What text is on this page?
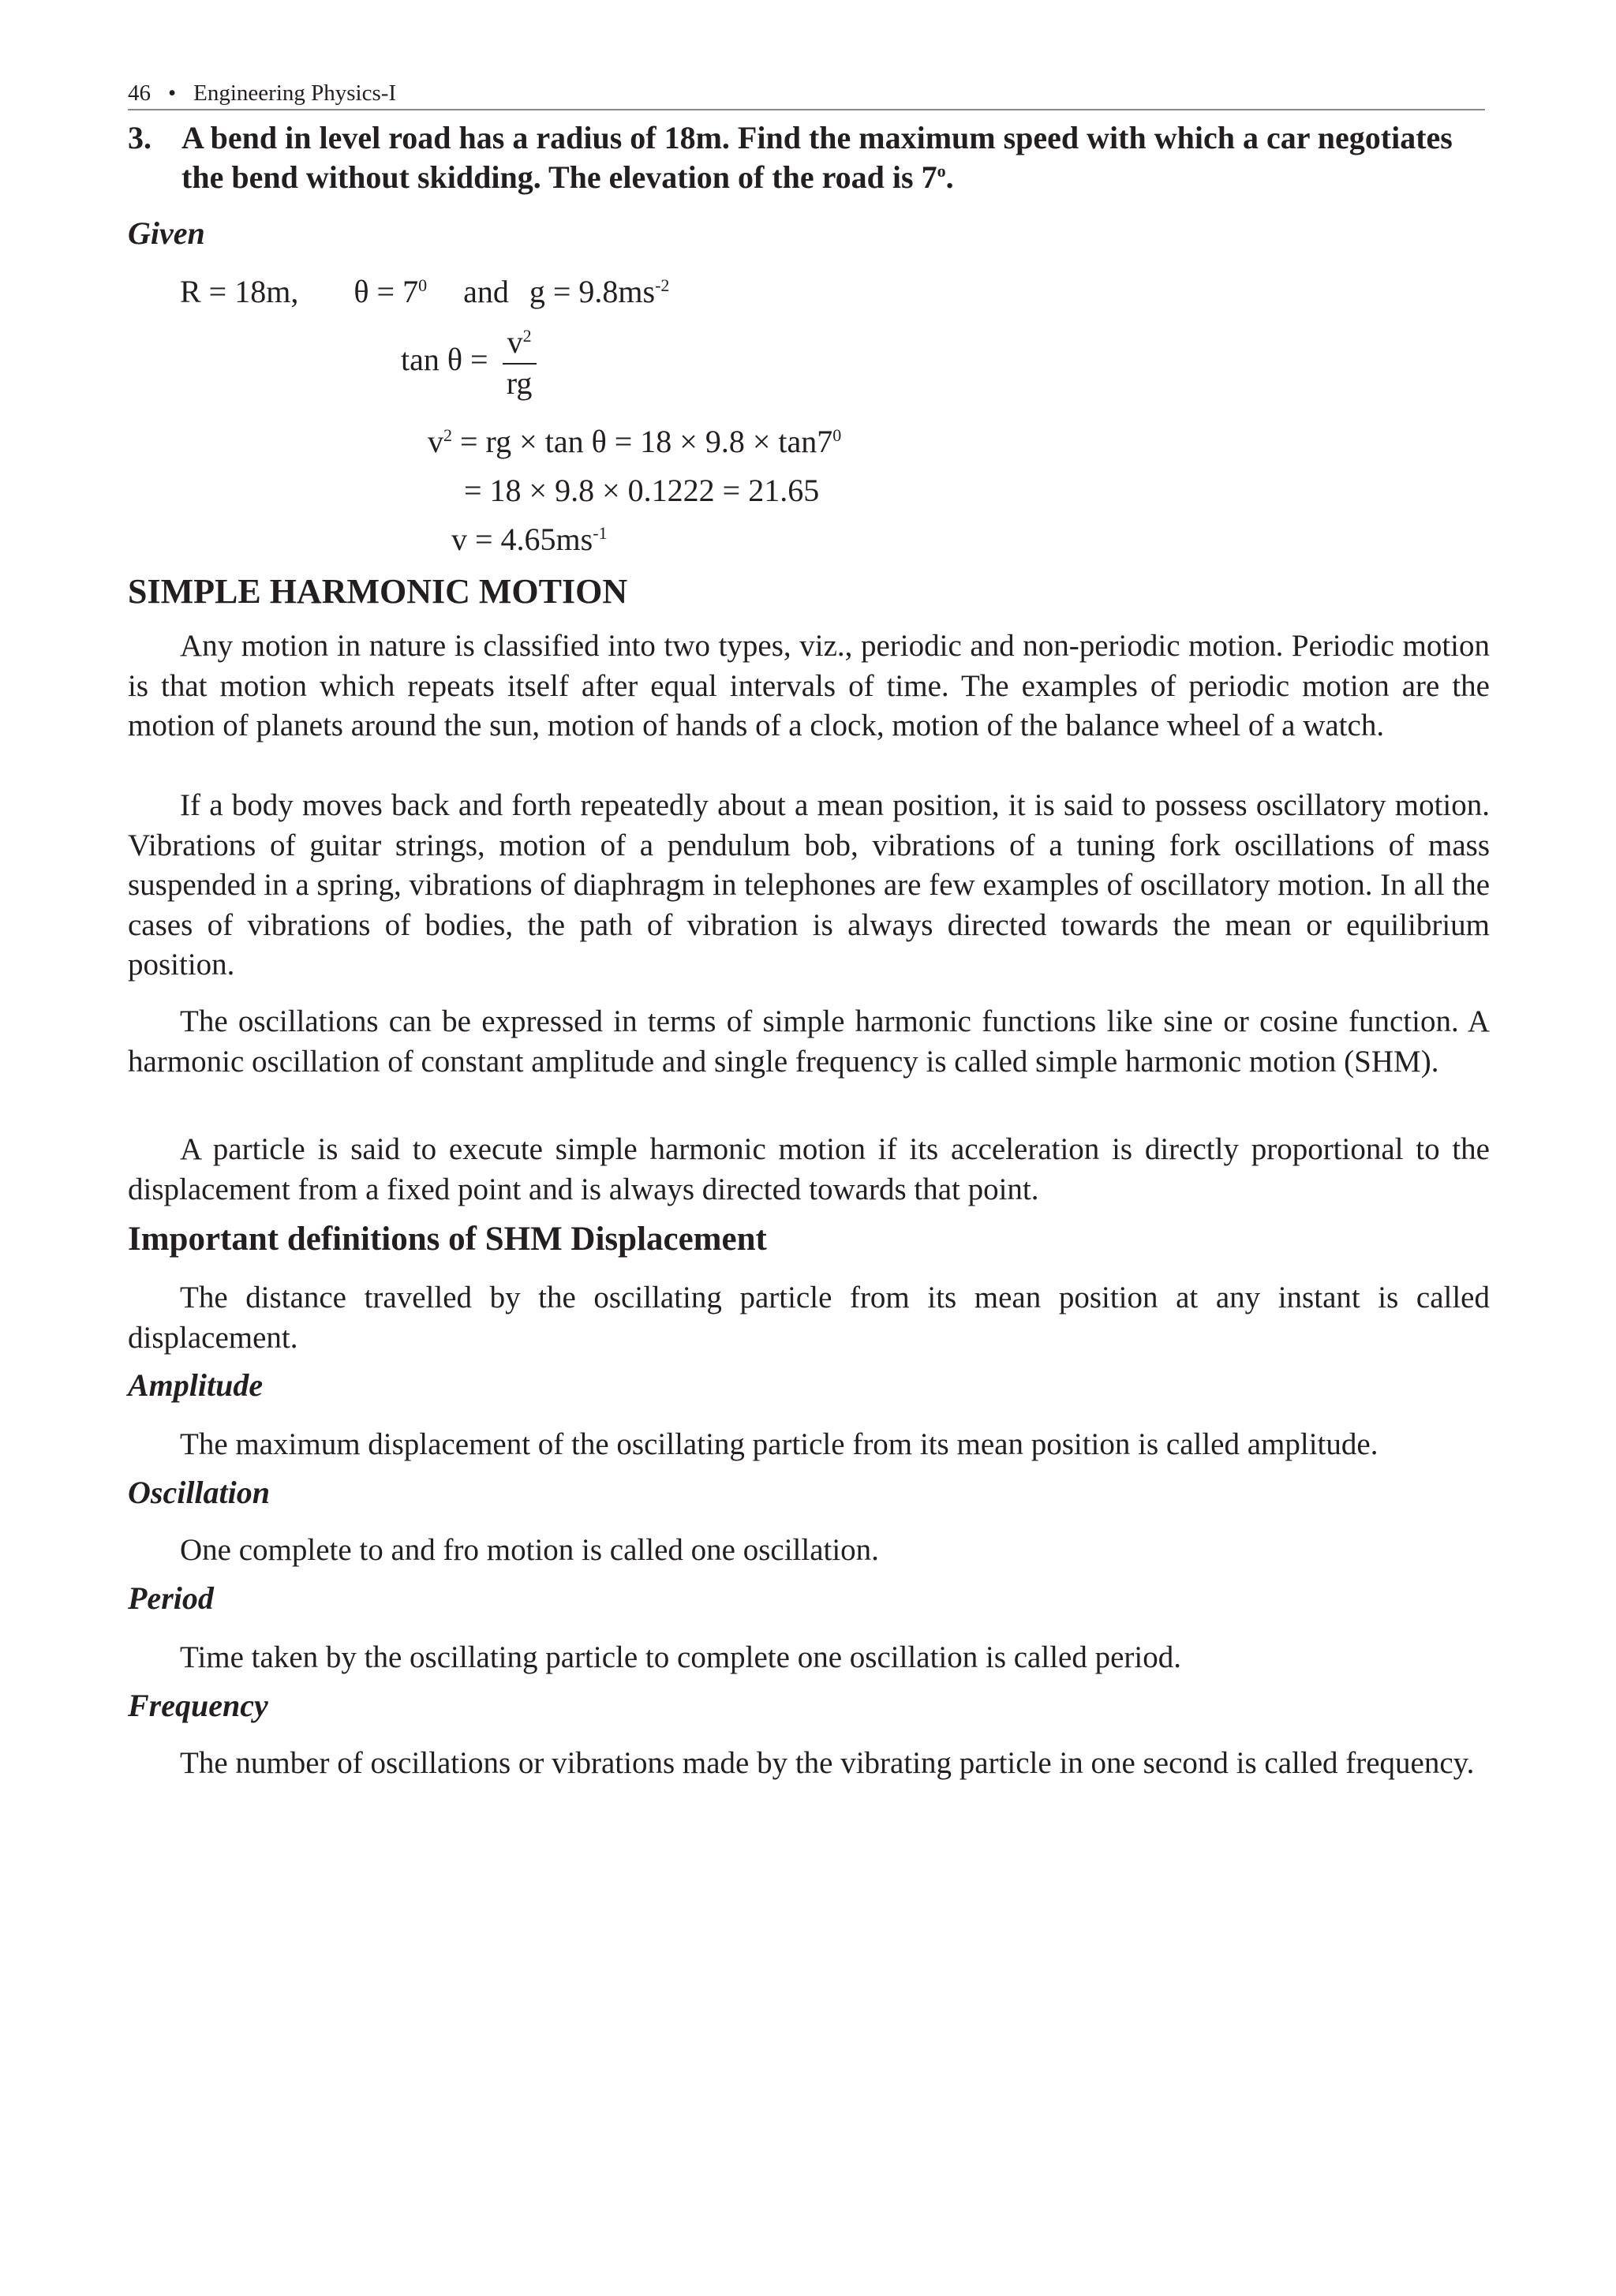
46 • Engineering Physics-I
3. A bend in level road has a radius of 18m. Find the maximum speed with which a car negotiates the bend without skidding. The elevation of the road is 7$^o$.
Given
R = 18m, $\theta = 7^0$ and $g = 9.8ms^{-2}$
$\tan \theta = \frac{v^2}{rg}$
$v^2$ = rg × $\tan \theta = 18 \times 9.8 \times \tan 7^0$
= 18 × 9.8 × 0.1222 = 21.65
$v = 4.65ms^{-1}$
SIMPLE HARMONIC MOTION
Any motion in nature is classified into two types, viz., periodic and non-periodic motion. Periodic motion is that motion which repeats itself after equal intervals of time. The examples of periodic motion are the motion of planets around the sun, motion of hands of a clock, motion of the balance wheel of a watch.
If a body moves back and forth repeatedly about a mean position, it is said to possess oscillatory motion. Vibrations of guitar strings, motion of a pendulum bob, vibrations of a tuning fork oscillations of mass suspended in a spring, vibrations of diaphragm in telephones are few examples of oscillatory motion. In all the cases of vibrations of bodies, the path of vibration is always directed towards the mean or equilibrium position.
The oscillations can be expressed in terms of simple harmonic functions like sine or cosine function. A harmonic oscillation of constant amplitude and single frequency is called simple harmonic motion (SHM).
A particle is said to execute simple harmonic motion if its acceleration is directly proportional to the displacement from a fixed point and is always directed towards that point.
Important definitions of SHM Displacement
The distance travelled by the oscillating particle from its mean position at any instant is called displacement.
Amplitude
The maximum displacement of the oscillating particle from its mean position is called amplitude.
Oscillation
One complete to and fro motion is called one oscillation.
Period
Time taken by the oscillating particle to complete one oscillation is called period.
Frequency
The number of oscillations or vibrations made by the vibrating particle in one second is called frequency.
